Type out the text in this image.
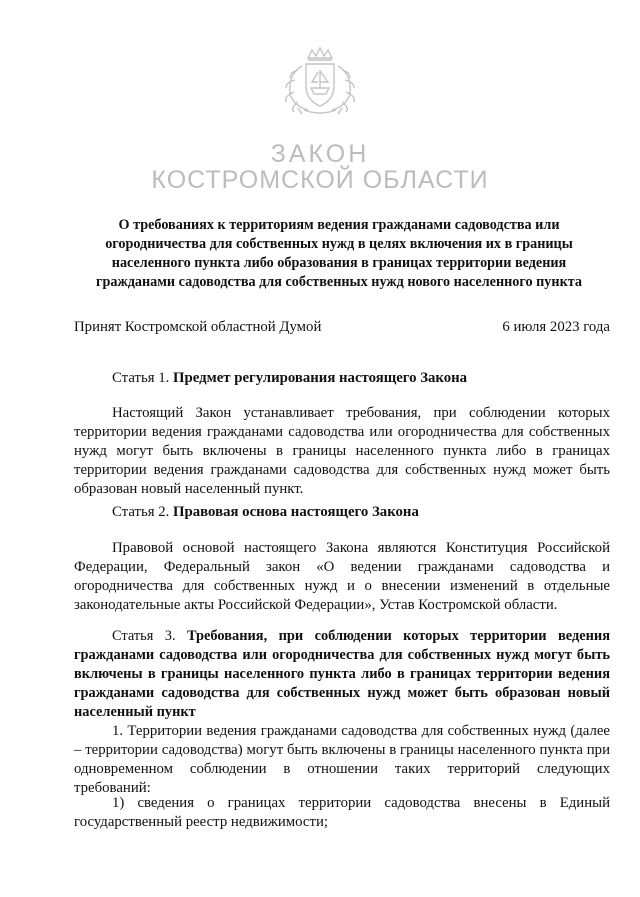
ЗАКОН
КОСТРОМСКОЙ ОБЛАСТИ

О требованиях к территориям ведения гражданами садоводства или огородничества для собственных нужд в целях включения их в границы населенного пункта либо образования в границах территории ведения гражданами садоводства для собственных нужд нового населенного пункта

Принят Костромской областной Думой	6 июля 2023 года

Статья 1. Предмет регулирования настоящего Закона

Настоящий Закон устанавливает требования, при соблюдении которых территории ведения гражданами садоводства или огородничества для собственных нужд могут быть включены в границы населенного пункта либо в границах территории ведения гражданами садоводства для собственных нужд может быть образован новый населенный пункт.

Статья 2. Правовая основа настоящего Закона

Правовой основой настоящего Закона являются Конституция Российской Федерации, Федеральный закон «О ведении гражданами садоводства и огородничества для собственных нужд и о внесении изменений в отдельные законодательные акты Российской Федерации», Устав Костромской области.

Статья 3. Требования, при соблюдении которых территории ведения гражданами садоводства или огородничества для собственных нужд могут быть включены в границы населенного пункта либо в границах территории ведения гражданами садоводства для собственных нужд может быть образован новый населенный пункт

1. Территории ведения гражданами садоводства для собственных нужд (далее – территории садоводства) могут быть включены в границы населенного пункта при одновременном соблюдении в отношении таких территорий следующих требований:

1) сведения о границах территории садоводства внесены в Единый государственный реестр недвижимости;
